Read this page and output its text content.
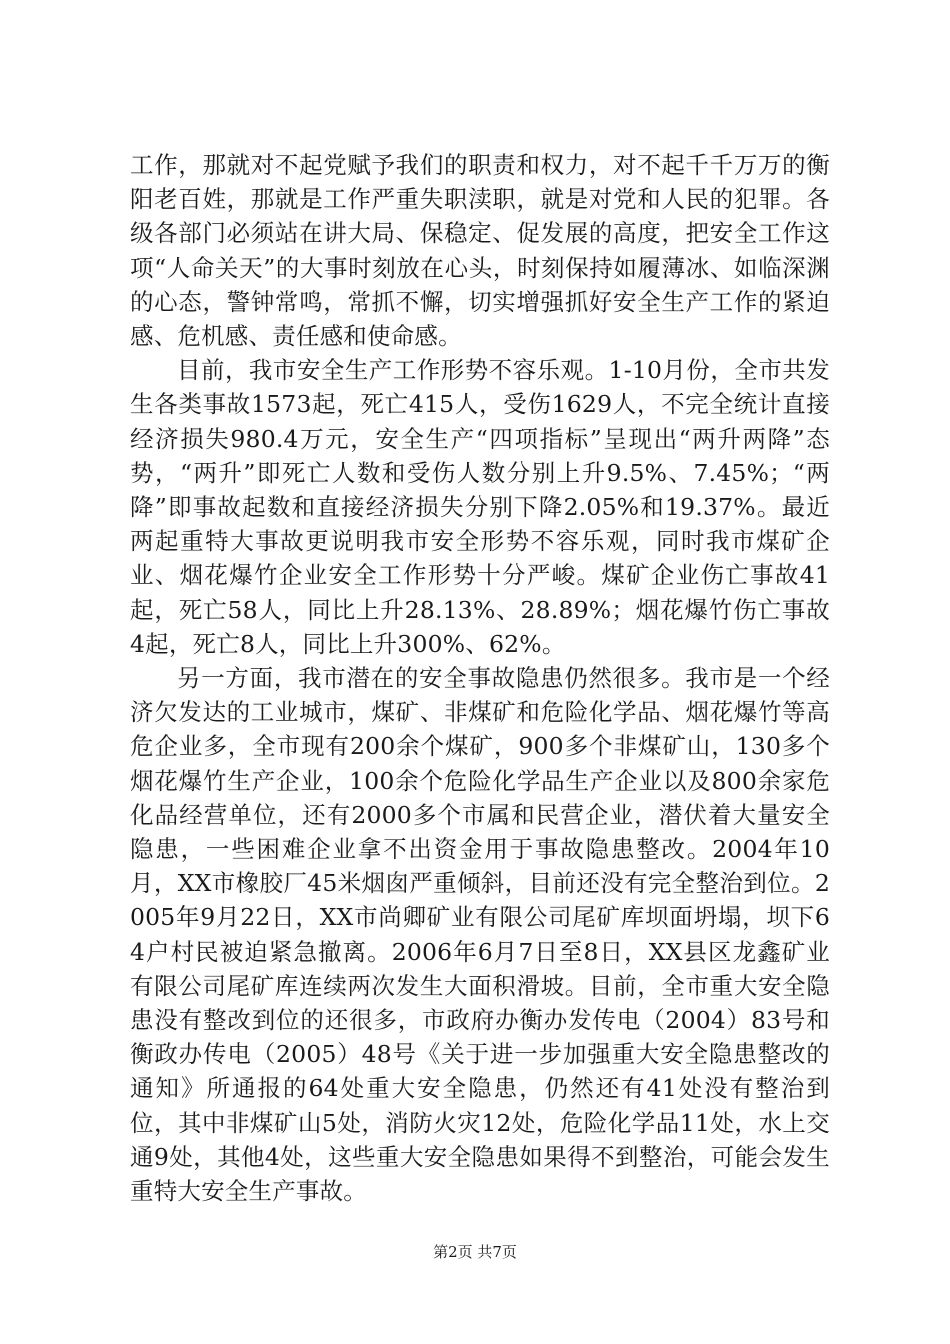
工作，那就对不起党赋予我们的职责和权力，对不起千千万万的衡阳老百姓，那就是工作严重失职渎职，就是对党和人民的犯罪。各级各部门必须站在讲大局、保稳定、促发展的高度，把安全工作这项“人命关天”的大事时刻放在心头，时刻保持如履薄冰、如临深渊的心态，警钟常鸣，常抓不懈，切实增强抓好安全生产工作的紧迫感、危机感、责任感和使命感。

目前，我市安全生产工作形势不容乐观。1-10月份，全市共发生各类事故1573起，死亡415人，受伤1629人，不完全统计直接经济损失980.4万元，安全生产“四项指标”呈现出“两升两降”态势，“两升”即死亡人数和受伤人数分别上升9.5%、7.45%；“两降”即事故起数和直接经济损失分别下降2.05%和19.37%。最近两起重特大事故更说明我市安全形势不容乐观，同时我市煤矿企业、烟花爆竹企业安全工作形势十分严峻。煤矿企业伤亡事故41起，死亡58人，同比上升28.13%、28.89%；烟花爆竹伤亡事故4起，死亡8人，同比上升300%、62%。

另一方面，我市潜在的安全事故隐患仍然很多。我市是一个经济欠发达的工业城市，煤矿、非煤矿和危险化学品、烟花爆竹等高危企业多，全市现有200余个煤矿，900多个非煤矿山，130多个烟花爆竹生产企业，100余个危险化学品生产企业以及800余家危化品经营单位，还有2000多个市属和民营企业，潜伏着大量安全隐患，一些困难企业拿不出资金用于事故隐患整改。2004年10月，XX市橡胶厂45米烟囱严重倾斜，目前还没有完全整治到位。2005年9月22日，XX市尚卿矿业有限公司尾矿库坝面坍塌，坝下64户村民被迫紧急撤离。2006年6月7日至8日，XX县区龙鑫矿业有限公司尾矿库连续两次发生大面积滑坡。目前，全市重大安全隐患没有整改到位的还很多，市政府办衡办发传电（2004）83号和衡政办传电（2005）48号《关于进一步加强重大安全隐患整改的通知》所通报的64处重大安全隐患，仍然还有41处没有整治到位，其中非煤矿山5处，消防火灾12处，危险化学品11处，水上交通9处，其他4处，这些重大安全隐患如果得不到整治，可能会发生重特大安全生产事故。

第2页 共7页
